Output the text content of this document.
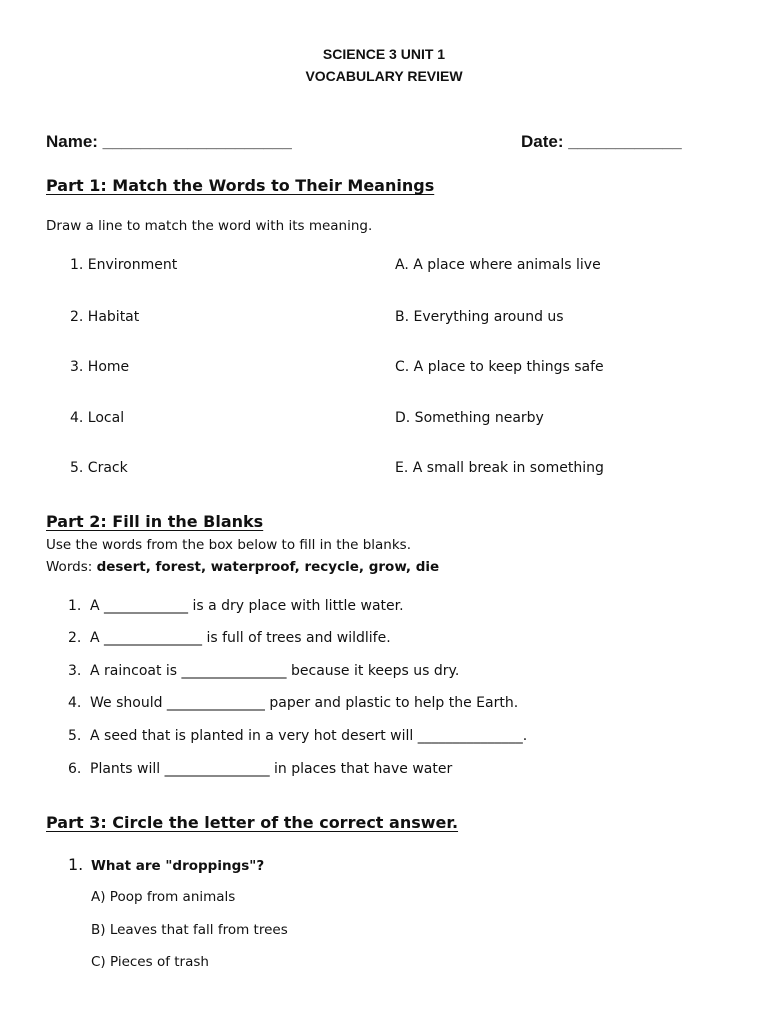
SCIENCE 3 UNIT 1
VOCABULARY REVIEW
Name: ____________________	Date: ____________
Part 1: Match the Words to Their Meanings
Draw a line to match the word with its meaning.
1. Environment
2. Habitat
3. Home
4. Local
5. Crack
A. A place where animals live
B. Everything around us
C. A place to keep things safe
D. Something nearby
E. A small break in something
Part 2: Fill in the Blanks
Use the words from the box below to fill in the blanks.
Words: desert, forest, waterproof, recycle, grow, die
1. A ____________ is a dry place with little water.
2. A ______________ is full of trees and wildlife.
3. A raincoat is _______________ because it keeps us dry.
4. We should ______________ paper and plastic to help the Earth.
5. A seed that is planted in a very hot desert will _______________.
6. Plants will _______________ in places that have water
Part 3: Circle the letter of the correct answer.
1. What are "droppings"?
A) Poop from animals
B) Leaves that fall from trees
C) Pieces of trash
